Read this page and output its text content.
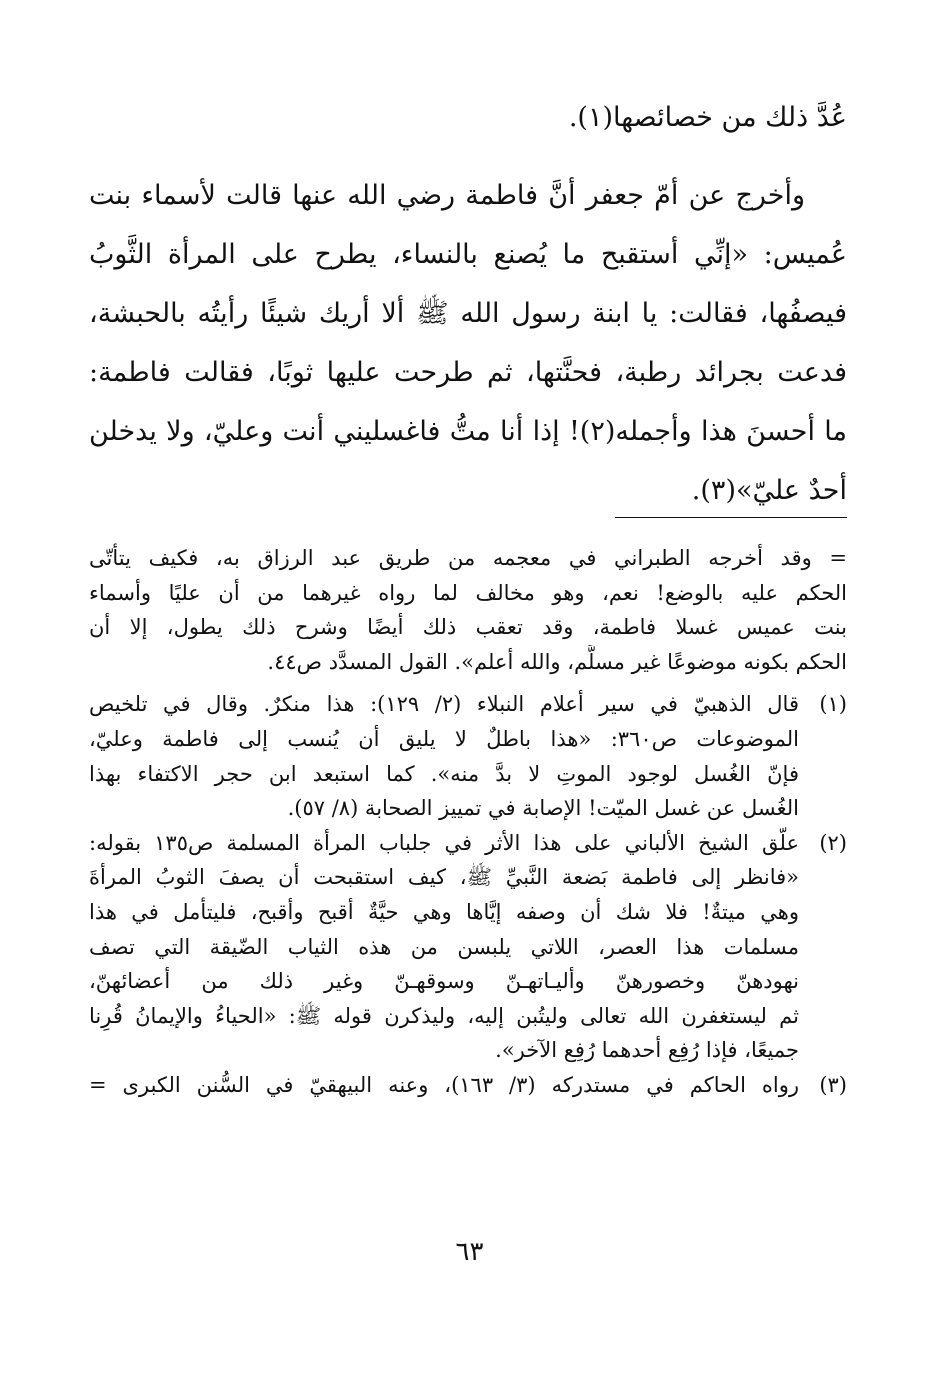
عُدَّ ذلك من خصائصها(١).
وأخرج عن أمّ جعفر أنَّ فاطمة رضي الله عنها قالت لأسماء بنت
عُميس: «إنِّي أستقبح ما يُصنع بالنساء، يطرح على المرأة الثَّوبُ
فيصفُها، فقالت: يا ابنة رسول الله ﷺ ألا أريك شيئًا رأيتُه بالحبشة،
فدعت بجرائد رطبة، فحنَّتها، ثم طرحت عليها ثوبًا، فقالت فاطمة:
ما أحسنَ هذا وأجمله(٢)! إذا أنا متُّ فاغسليني أنت وعليّ، ولا يدخلن
أحدٌ عليّ»(٣).
= وقد أخرجه الطبراني في معجمه من طريق عبد الرزاق به، فكيف يتأتّى
الحكم عليه بالوضع! نعم، وهو مخالف لما رواه غيرهما من أن عليًا وأسماء
بنت عميس غسلا فاطمة، وقد تعقب ذلك أيضًا وشرح ذلك يطول، إلا أن
الحكم بكونه موضوعًا غير مسلَّم، والله أعلم». القول المسدَّد ص٤٤.
(١)
قال الذهبيّ في سير أعلام النبلاء (٢/ ١٢٩): هذا منكرٌ. وقال في تلخيص
الموضوعات ص٣٦٠: «هذا باطلٌ لا يليق أن يُنسب إلى فاطمة وعليّ،
فإنّ الغُسل لوجود الموتِ لا بدَّ منه». كما استبعد ابن حجر الاكتفاء بهذا
الغُسل عن غسل الميّت! الإصابة في تمييز الصحابة (٨/ ٥٧).
(٢)
علّق الشيخ الألباني على هذا الأثر في جلباب المرأة المسلمة ص١٣٥ بقوله:
«فانظر إلى فاطمة بَضعة النَّبيِّ ﷺ، كيف استقبحت أن يصفَ الثوبُ المرأةَ
وهي ميتةٌ! فلا شك أن وصفه إيَّاها وهي حيَّةٌ أقبح وأقبح، فليتأمل في هذا
مسلمات هذا العصر، اللاتي يلبسن من هذه الثياب الضّيقة التي تصف
نهودهنّ وخصورهنّ وأليـاتهـنّ وسوقهـنّ وغير ذلك من أعضائهنّ،
ثم ليستغفرن الله تعالى وليتُبن إليه، وليذكرن قوله ﷺ: «الحياءُ والإيمانُ قُرِنا
جميعًا، فإذا رُفِع أحدهما رُفِع الآخر».
(٣)
رواه الحاكم في مستدركه (٣/ ١٦٣)، وعنه البيهقيّ في السُّنن الكبرى =
٦٣
